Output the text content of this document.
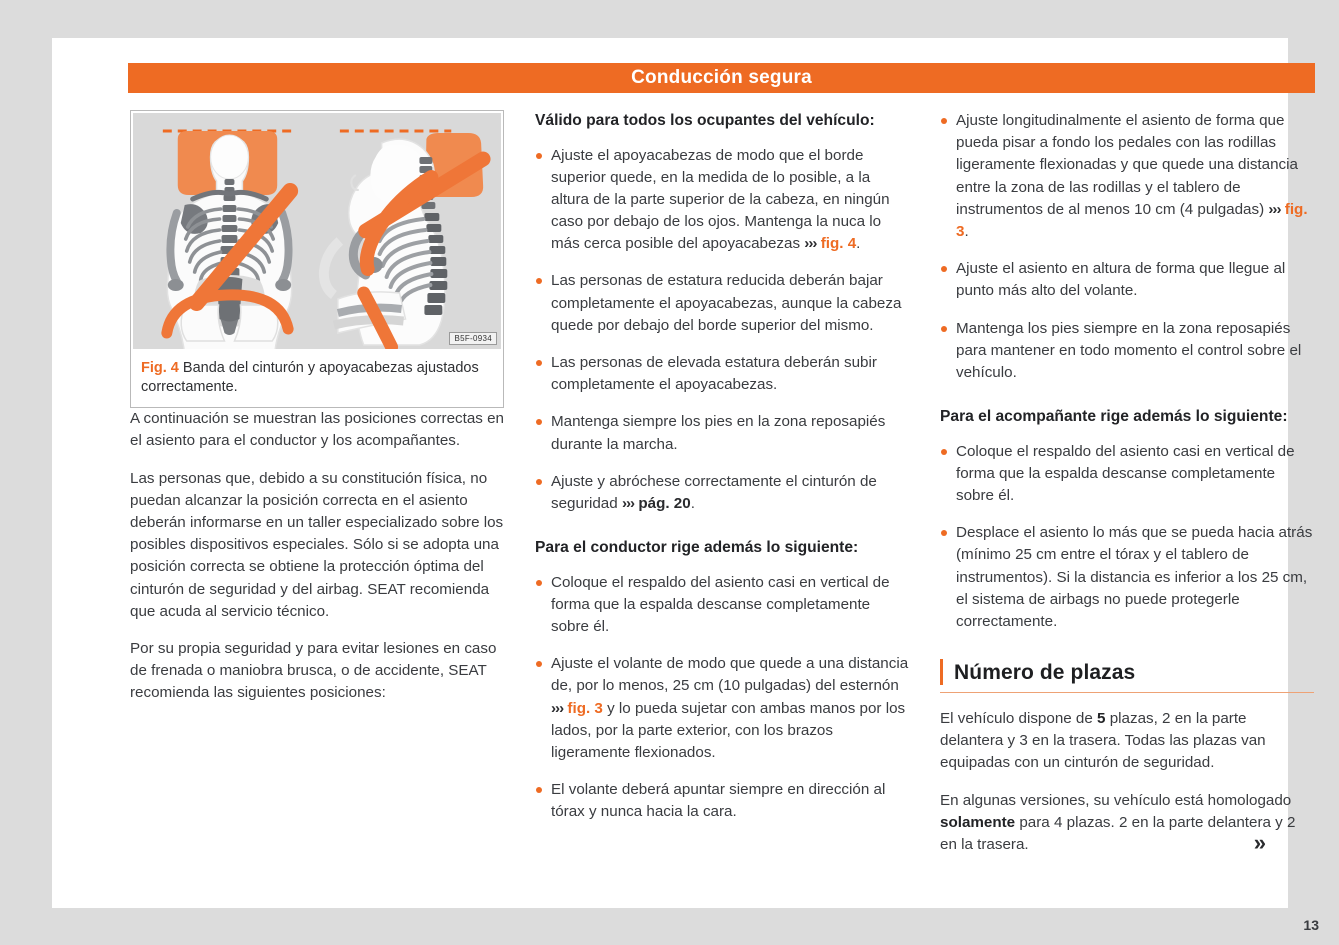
Conducción segura
B5F-0934
Fig. 4 Banda del cinturón y apoyacabezas ajustados correctamente.

A continuación se muestran las posiciones correctas en el asiento para el conductor y los acompañantes.

Las personas que, debido a su constitución física, no puedan alcanzar la posición correcta en el asiento deberán informarse en un taller especializado sobre los posibles dispositivos especiales. Sólo si se adopta una posición correcta se obtiene la protección óptima del cinturón de seguridad y del airbag. SEAT recomienda que acuda al servicio técnico.

Por su propia seguridad y para evitar lesiones en caso de frenada o maniobra brusca, o de accidente, SEAT recomienda las siguientes posiciones:

Válido para todos los ocupantes del vehículo:

Ajuste el apoyacabezas de modo que el borde superior quede, en la medida de lo posible, a la altura de la parte superior de la cabeza, en ningún caso por debajo de los ojos. Mantenga la nuca lo más cerca posible del apoyacabezas ››› fig. 4.

Las personas de estatura reducida deberán bajar completamente el apoyacabezas, aunque la cabeza quede por debajo del borde superior del mismo.

Las personas de elevada estatura deberán subir completamente el apoyacabezas.

Mantenga siempre los pies en la zona reposapiés durante la marcha.

Ajuste y abróchese correctamente el cinturón de seguridad ››› pág. 20.

Para el conductor rige además lo siguiente:

Coloque el respaldo del asiento casi en vertical de forma que la espalda descanse completamente sobre él.

Ajuste el volante de modo que quede a una distancia de, por lo menos, 25 cm (10 pulgadas) del esternón ››› fig. 3 y lo pueda sujetar con ambas manos por los lados, por la parte exterior, con los brazos ligeramente flexionados.

El volante deberá apuntar siempre en dirección al tórax y nunca hacia la cara.

Ajuste longitudinalmente el asiento de forma que pueda pisar a fondo los pedales con las rodillas ligeramente flexionadas y que quede una distancia entre la zona de las rodillas y el tablero de instrumentos de al menos 10 cm (4 pulgadas) ››› fig. 3.

Ajuste el asiento en altura de forma que llegue al punto más alto del volante.

Mantenga los pies siempre en la zona reposapiés para mantener en todo momento el control sobre el vehículo.

Para el acompañante rige además lo siguiente:

Coloque el respaldo del asiento casi en vertical de forma que la espalda descanse completamente sobre él.

Desplace el asiento lo más que se pueda hacia atrás (mínimo 25 cm entre el tórax y el tablero de instrumentos). Si la distancia es inferior a los 25 cm, el sistema de airbags no puede protegerle correctamente.

Número de plazas

El vehículo dispone de 5 plazas, 2 en la parte delantera y 3 en la trasera. Todas las plazas van equipadas con un cinturón de seguridad.

En algunas versiones, su vehículo está homologado solamente para 4 plazas. 2 en la parte delantera y 2 en la trasera.	»
13
